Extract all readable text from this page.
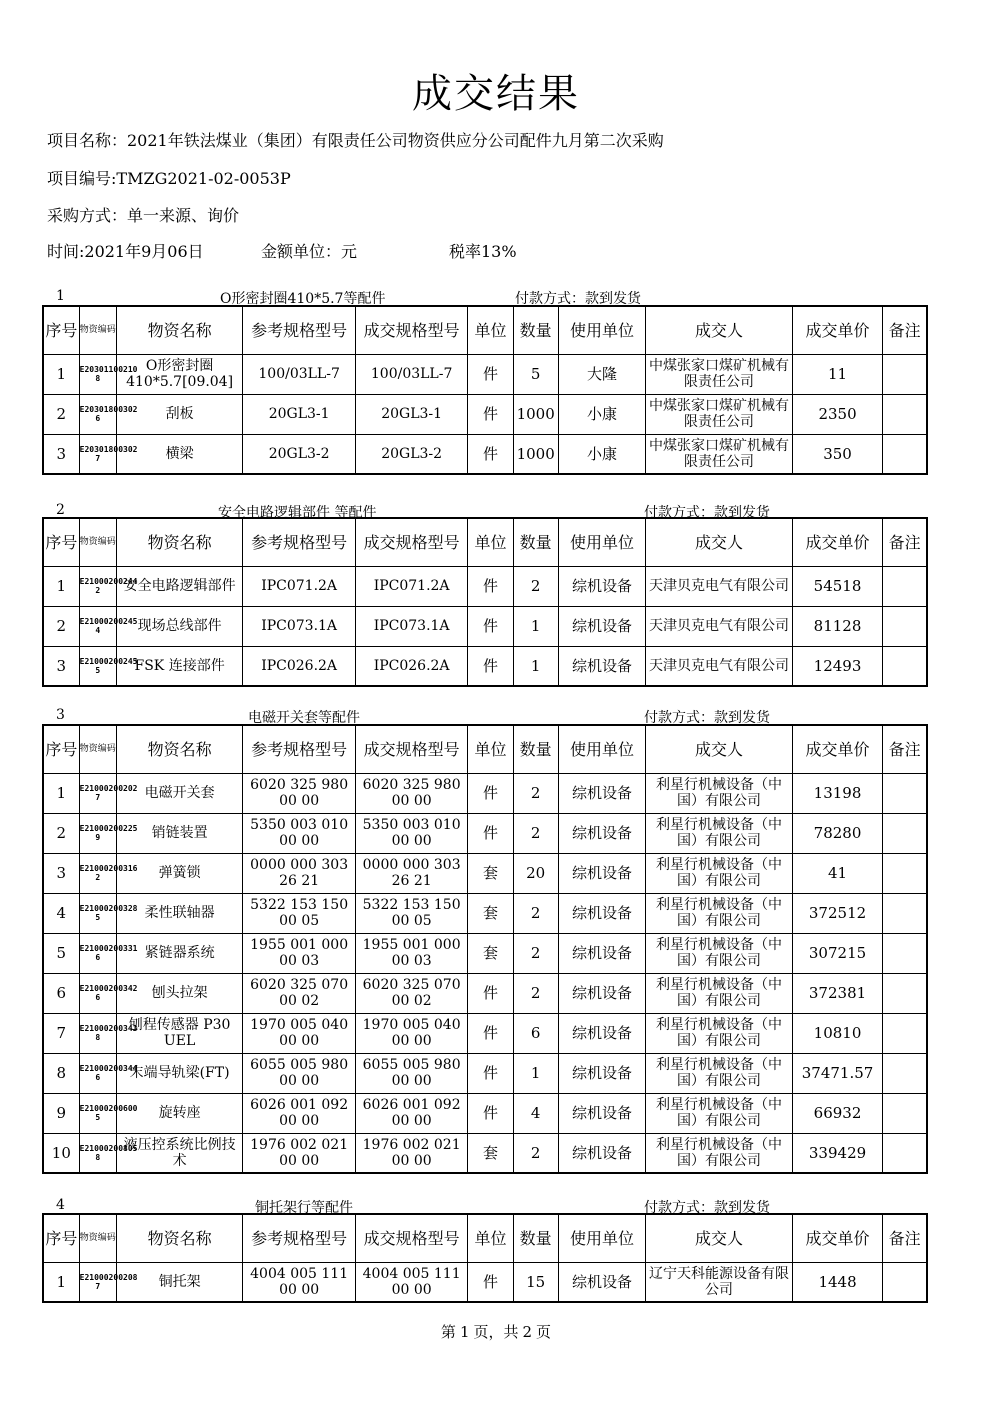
成交结果
项目名称：2021年铁法煤业（集团）有限责任公司物资供应分公司配件九月第二次采购
项目编号:TMZG2021-02-0053P
采购方式：单一来源、询价
时间:2021年9月06日	金额单位：元	税率13%
1	O形密封圈410*5.7等配件	付款方式：款到发货
序号	物资编码	物资名称	参考规格型号	成交规格型号	单位	数量	使用单位	成交人	成交单价	备注
1	E20301100210 8	O形密封圈410*5.7[09.04]	100/03LL-7	100/03LL-7	件	5	大隆	中煤张家口煤矿机械有限责任公司	11	
2	E20301800302 6	刮板	20GL3-1	20GL3-1	件	1000	小康	中煤张家口煤矿机械有限责任公司	2350	
3	E20301800302 7	横梁	20GL3-2	20GL3-2	件	1000	小康	中煤张家口煤矿机械有限责任公司	350	
2	安全电路逻辑部件 等配件	付款方式：款到发货
序号	物资编码	物资名称	参考规格型号	成交规格型号	单位	数量	使用单位	成交人	成交单价	备注
1	E21000200244 2	安全电路逻辑部件	IPC071.2A	IPC071.2A	件	2	综机设备	天津贝克电气有限公司	54518	
2	E21000200245 4	现场总线部件	IPC073.1A	IPC073.1A	件	1	综机设备	天津贝克电气有限公司	81128	
3	E21000200245 5	FSK 连接部件	IPC026.2A	IPC026.2A	件	1	综机设备	天津贝克电气有限公司	12493	
3	电磁开关套等配件	付款方式：款到发货
序号	物资编码	物资名称	参考规格型号	成交规格型号	单位	数量	使用单位	成交人	成交单价	备注
1	E21000200202 7	电磁开关套	6020 325 980 00 00	6020 325 980 00 00	件	2	综机设备	利星行机械设备（中国）有限公司	13198	
2	E21000200225 9	销链装置	5350 003 010 00 00	5350 003 010 00 00	件	2	综机设备	利星行机械设备（中国）有限公司	78280	
3	E21000200316 2	弹簧锁	0000 000 303 26 21	0000 000 303 26 21	套	20	综机设备	利星行机械设备（中国）有限公司	41	
4	E21000200328 5	柔性联轴器	5322 153 150 00 05	5322 153 150 00 05	套	2	综机设备	利星行机械设备（中国）有限公司	372512	
5	E21000200331 6	紧链器系统	1955 001 000 00 03	1955 001 000 00 03	套	2	综机设备	利星行机械设备（中国）有限公司	307215	
6	E21000200342 6	刨头拉架	6020 325 070 00 02	6020 325 070 00 02	件	2	综机设备	利星行机械设备（中国）有限公司	372381	
7	E21000200343 8	刨程传感器 P30 UEL	1970 005 040 00 00	1970 005 040 00 00	件	6	综机设备	利星行机械设备（中国）有限公司	10810	
8	E21000200344 6	末端导轨梁(FT)	6055 005 980 00 00	6055 005 980 00 00	件	1	综机设备	利星行机械设备（中国）有限公司	37471.57	
9	E21000200600 5	旋转座	6026 001 092 00 00	6026 001 092 00 00	件	4	综机设备	利星行机械设备（中国）有限公司	66932	
10	E21000200805 8	液压控系统比例技术	1976 002 021 00 00	1976 002 021 00 00	套	2	综机设备	利星行机械设备（中国）有限公司	339429	
4	铜托架行等配件	付款方式：款到发货
序号	物资编码	物资名称	参考规格型号	成交规格型号	单位	数量	使用单位	成交人	成交单价	备注
1	E21000200208 7	铜托架	4004 005 111 00 00	4004 005 111 00 00	件	15	综机设备	辽宁天科能源设备有限公司	1448	
第 1 页，共 2 页
